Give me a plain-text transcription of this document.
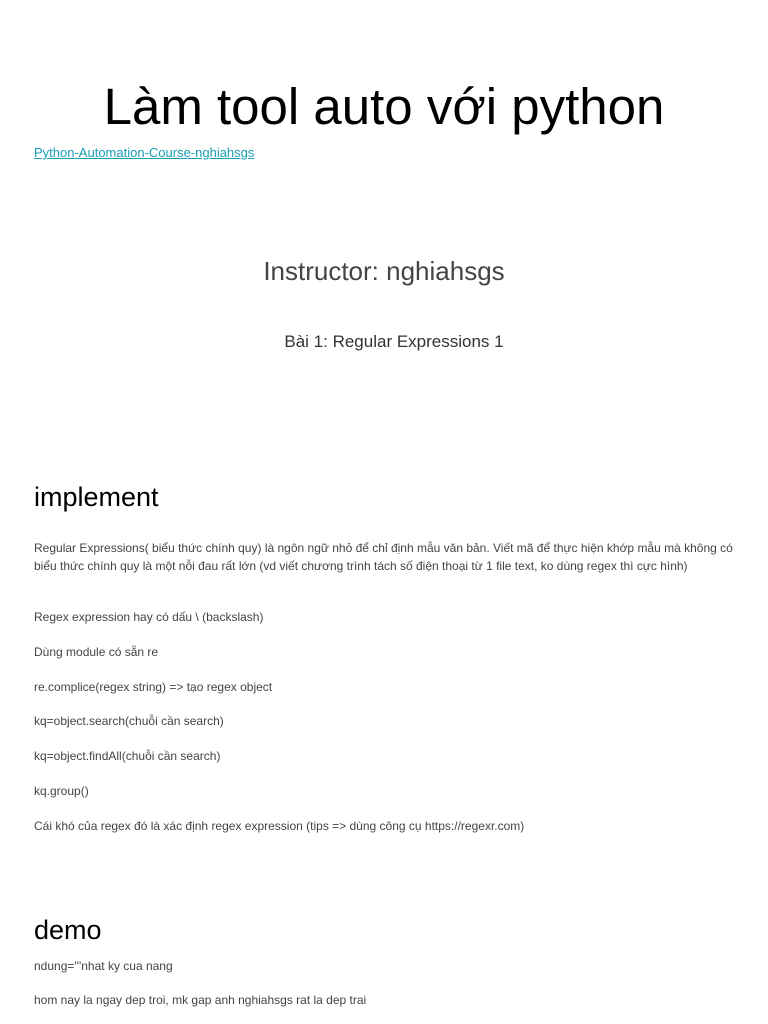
Làm tool auto với python
Python-Automation-Course-nghiahsgs
Instructor: nghiahsgs
Bài 1: Regular Expressions 1
implement

Regular Expressions( biểu thức chính quy) là ngôn ngữ nhỏ để chỉ định mẫu văn bản. Viết mã để thực hiện khớp mẫu mà không có biểu thức chính quy là một nỗi đau rất lớn (vd viết chương trình tách số điện thoại từ 1 file text, ko dùng regex thì cực hình)

Regex expression hay có dấu \ (backslash)

Dùng module có sẵn re

re.complice(regex string) => tạo regex object

kq=object.search(chuỗi cần search)

kq=object.findAll(chuỗi cần search)

kq.group()

Cái khó của regex đó là xác định regex expression (tips => dùng công cụ https://regexr.com)

demo

ndung='''nhat ky cua nang

hom nay la ngay dep troi, mk gap anh nghiahsgs rat la dep trai
